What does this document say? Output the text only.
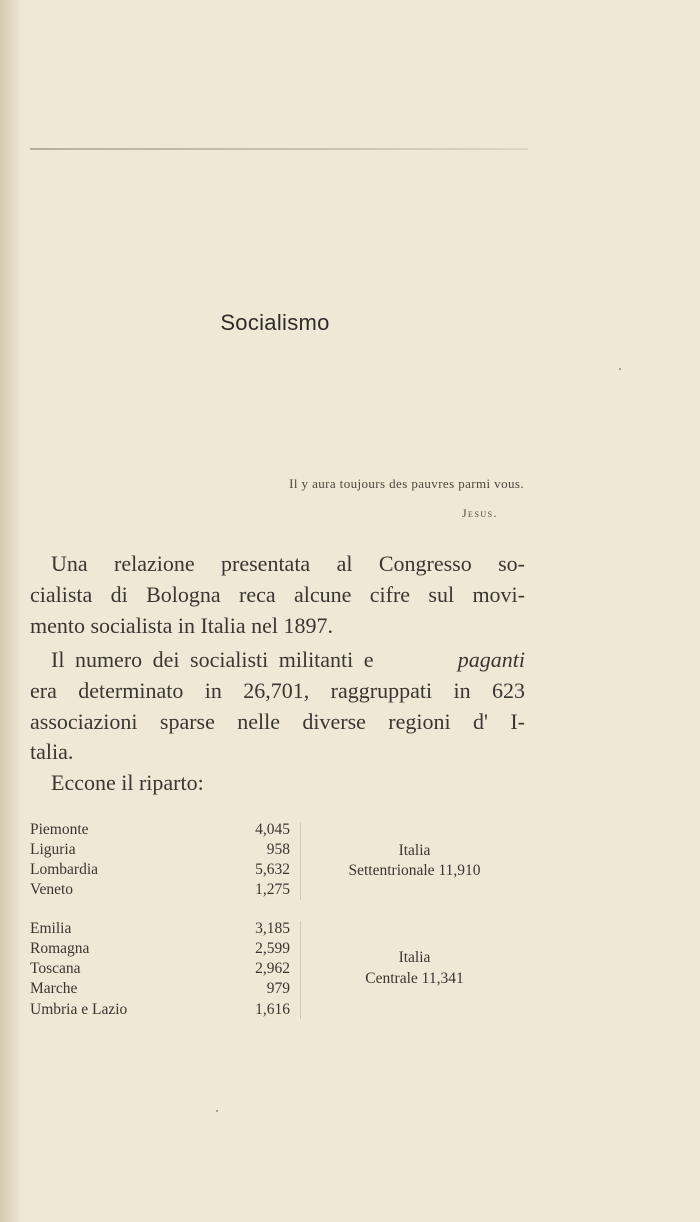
Socialismo
Il y aura toujours des pauvres parmi vous.
Jesus.
Una relazione presentata al Congresso so-
cialista di Bologna reca alcune cifre sul movi-
mento socialista in Italia nel 1897.
Il numero dei socialisti militanti e	paganti
era determinato in 26,701, raggruppati in 623
associazioni sparse nelle diverse regioni d' I-
talia.
Eccone il riparto:
Piemonte	4,045
Liguria	958
Lombardia	5,632
Veneto	1,275
Italia
Settentrionale 11,910
Emilia	3,185
Romagna	2,599
Toscana	2,962
Marche	979
Umbria e Lazio	1,616
Italia
Centrale 11,341
